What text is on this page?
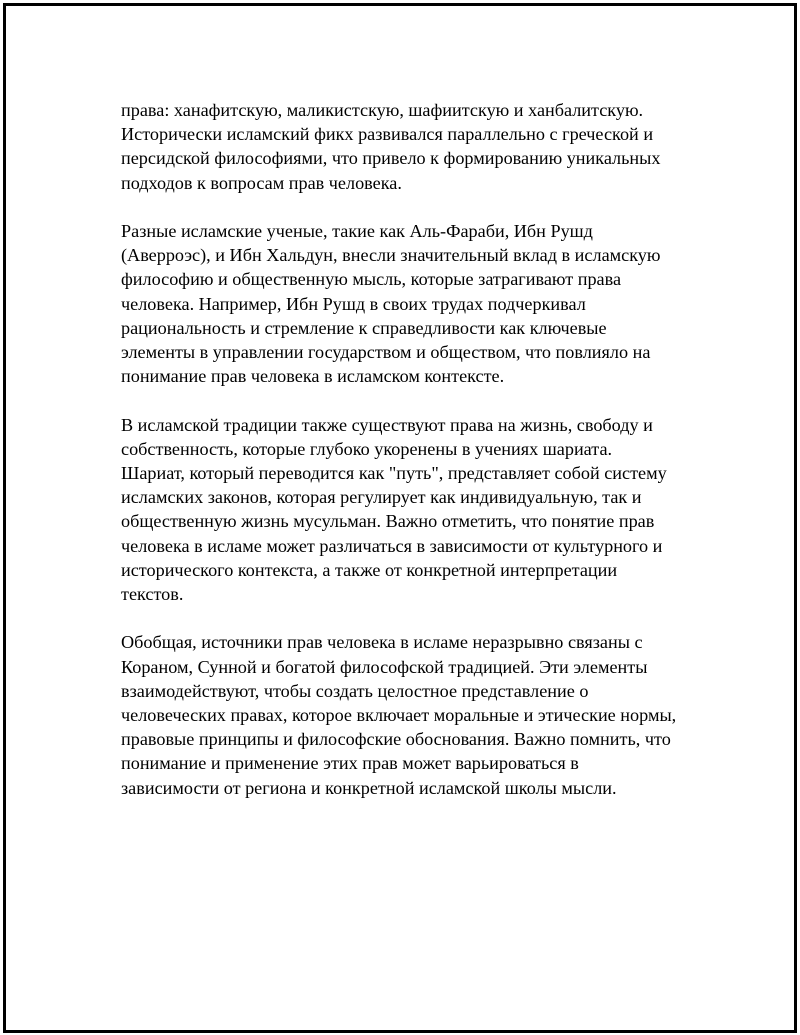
права: ханафитскую, маликистскую, шафиитскую и ханбалитскую.
Исторически исламский фикх развивался параллельно с греческой и
персидской философиями, что привело к формированию уникальных
подходов к вопросам прав человека.

Разные исламские ученые, такие как Аль-Фараби, Ибн Рушд
(Аверроэс), и Ибн Хальдун, внесли значительный вклад в исламскую
философию и общественную мысль, которые затрагивают права
человека. Например, Ибн Рушд в своих трудах подчеркивал
рациональность и стремление к справедливости как ключевые
элементы в управлении государством и обществом, что повлияло на
понимание прав человека в исламском контексте.

В исламской традиции также существуют права на жизнь, свободу и
собственность, которые глубоко укоренены в учениях шариата.
Шариат, который переводится как "путь", представляет собой систему
исламских законов, которая регулирует как индивидуальную, так и
общественную жизнь мусульман. Важно отметить, что понятие прав
человека в исламе может различаться в зависимости от культурного и
исторического контекста, а также от конкретной интерпретации
текстов.

Обобщая, источники прав человека в исламе неразрывно связаны с
Кораном, Сунной и богатой философской традицией. Эти элементы
взаимодействуют, чтобы создать целостное представление о
человеческих правах, которое включает моральные и этические нормы,
правовые принципы и философские обоснования. Важно помнить, что
понимание и применение этих прав может варьироваться в
зависимости от региона и конкретной исламской школы мысли.
